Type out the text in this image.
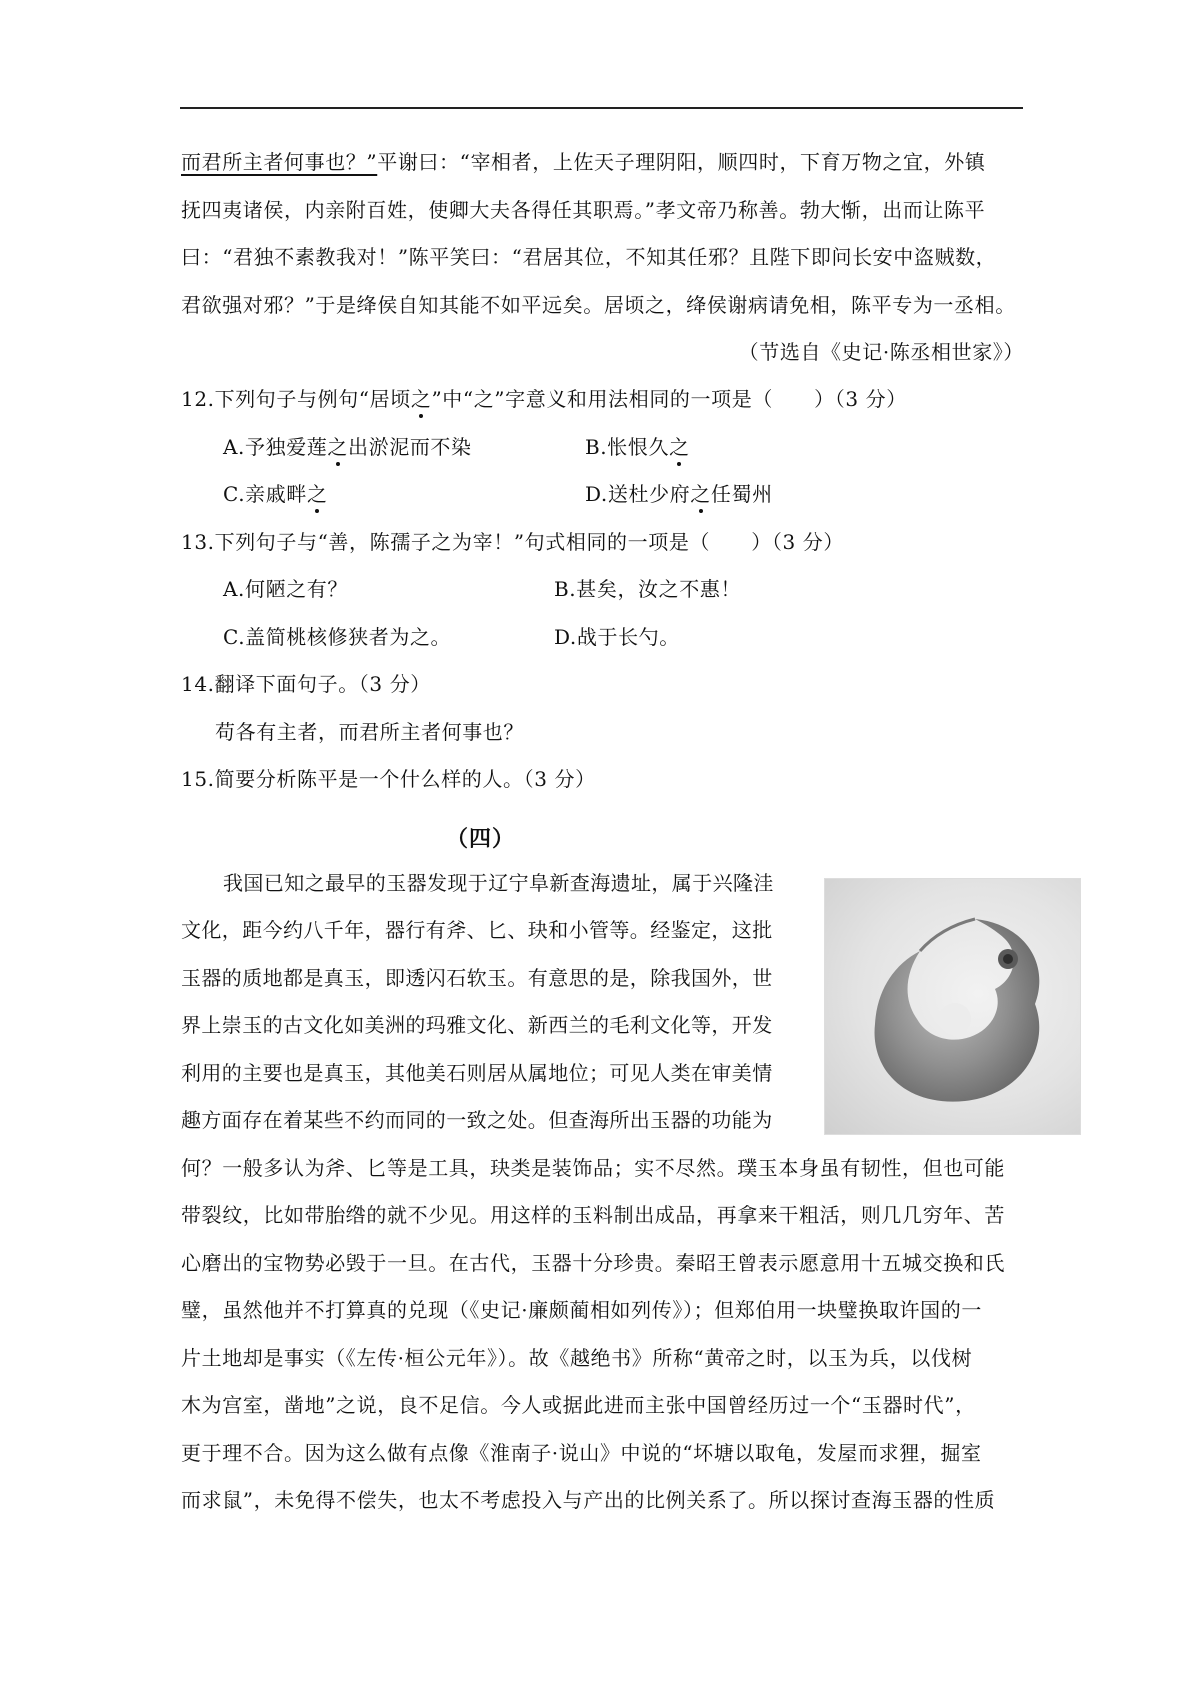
而君所主者何事也？”平谢曰：“宰相者，上佐天子理阴阳，顺四时，下育万物之宜，外镇
抚四夷诸侯，内亲附百姓，使卿大夫各得任其职焉。”孝文帝乃称善。勃大惭，出而让陈平
曰：“君独不素教我对！”陈平笑曰：“君居其位，不知其任邪？且陛下即问长安中盗贼数，
君欲强对邪？”于是绛侯自知其能不如平远矣。居顷之，绛侯谢病请免相，陈平专为一丞相。
（节选自《史记·陈丞相世家》）
12.下列句子与例句“居顷之”中“之”字意义和用法相同的一项是（　　）（3 分）
A.予独爱莲之出淤泥而不染	B.怅恨久之
C.亲戚畔之	D.送杜少府之任蜀州
13.下列句子与“善，陈孺子之为宰！”句式相同的一项是（　　）（3 分）
A.何陋之有？	B.甚矣，汝之不惠！
C.盖简桃核修狭者为之。	D.战于长勺。
14.翻译下面句子。（3 分）
苟各有主者，而君所主者何事也？
15.简要分析陈平是一个什么样的人。（3 分）
（四）
我国已知之最早的玉器发现于辽宁阜新查海遗址，属于兴隆洼
文化，距今约八千年，器行有斧、匕、玦和小管等。经鉴定，这批
玉器的质地都是真玉，即透闪石软玉。有意思的是，除我国外，世
界上崇玉的古文化如美洲的玛雅文化、新西兰的毛利文化等，开发
利用的主要也是真玉，其他美石则居从属地位；可见人类在审美情
趣方面存在着某些不约而同的一致之处。但查海所出玉器的功能为
何？一般多认为斧、匕等是工具，玦类是装饰品；实不尽然。璞玉本身虽有韧性，但也可能
带裂纹，比如带胎绺的就不少见。用这样的玉料制出成品，再拿来干粗活，则几几穷年、苦
心磨出的宝物势必毁于一旦。在古代，玉器十分珍贵。秦昭王曾表示愿意用十五城交换和氏
璧，虽然他并不打算真的兑现（《史记·廉颇蔺相如列传》）；但郑伯用一块璧换取许国的一
片土地却是事实（《左传·桓公元年》）。故《越绝书》所称“黄帝之时，以玉为兵，以伐树
木为宫室，凿地”之说，良不足信。今人或据此进而主张中国曾经历过一个“玉器时代”，
更于理不合。因为这么做有点像《淮南子·说山》中说的“坏塘以取龟，发屋而求狸，掘室
而求鼠”，未免得不偿失，也太不考虑投入与产出的比例关系了。所以探讨查海玉器的性质
